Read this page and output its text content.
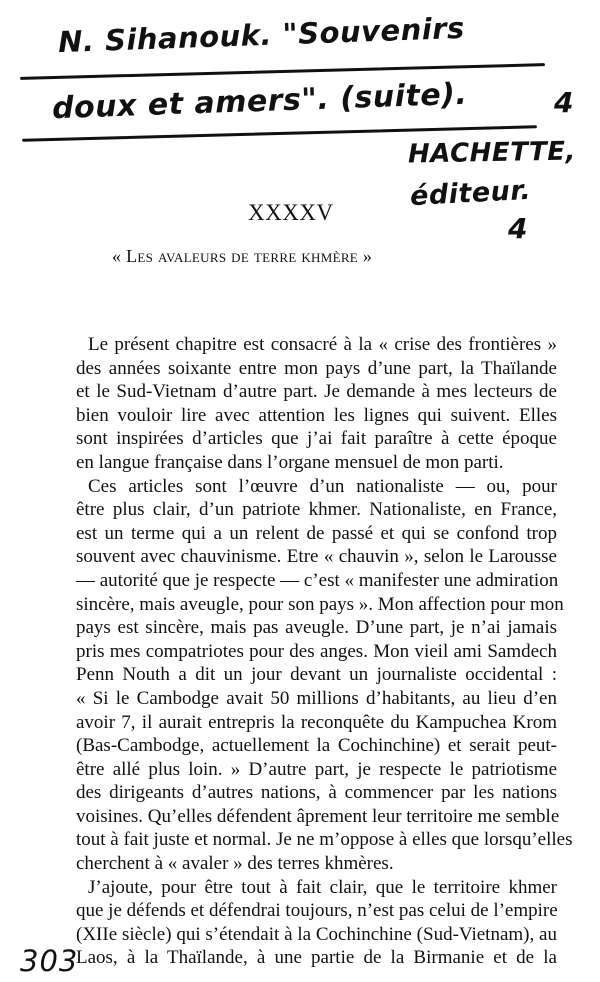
N. Sihanouk. "Souvenirs
doux et amers". (suite).	4
HACHETTE,
éditeur.
4
XXXXV
« Les avaleurs de terre khmère »

Le présent chapitre est consacré à la « crise des frontières »
des années soixante entre mon pays d’une part, la Thaïlande
et le Sud-Vietnam d’autre part. Je demande à mes lecteurs de
bien vouloir lire avec attention les lignes qui suivent. Elles
sont inspirées d’articles que j’ai fait paraître à cette époque
en langue française dans l’organe mensuel de mon parti.

Ces articles sont l’œuvre d’un nationaliste — ou, pour
être plus clair, d’un patriote khmer. Nationaliste, en France,
est un terme qui a un relent de passé et qui se confond trop
souvent avec chauvinisme. Etre « chauvin », selon le Larousse
— autorité que je respecte — c’est « manifester une admiration
sincère, mais aveugle, pour son pays ». Mon affection pour mon
pays est sincère, mais pas aveugle. D’une part, je n’ai jamais
pris mes compatriotes pour des anges. Mon vieil ami Samdech
Penn Nouth a dit un jour devant un journaliste occidental :
« Si le Cambodge avait 50 millions d’habitants, au lieu d’en
avoir 7, il aurait entrepris la reconquête du Kampuchea Krom
(Bas-Cambodge, actuellement la Cochinchine) et serait peut-
être allé plus loin. » D’autre part, je respecte le patriotisme
des dirigeants d’autres nations, à commencer par les nations
voisines. Qu’elles défendent âprement leur territoire me semble
tout à fait juste et normal. Je ne m’oppose à elles que lorsqu’elles
cherchent à « avaler » des terres khmères.

J’ajoute, pour être tout à fait clair, que le territoire khmer
que je défends et défendrai toujours, n’est pas celui de l’empire
(XIIe siècle) qui s’étendait à la Cochinchine (Sud-Vietnam), au
Laos, à la Thaïlande, à une partie de la Birmanie et de la

303
